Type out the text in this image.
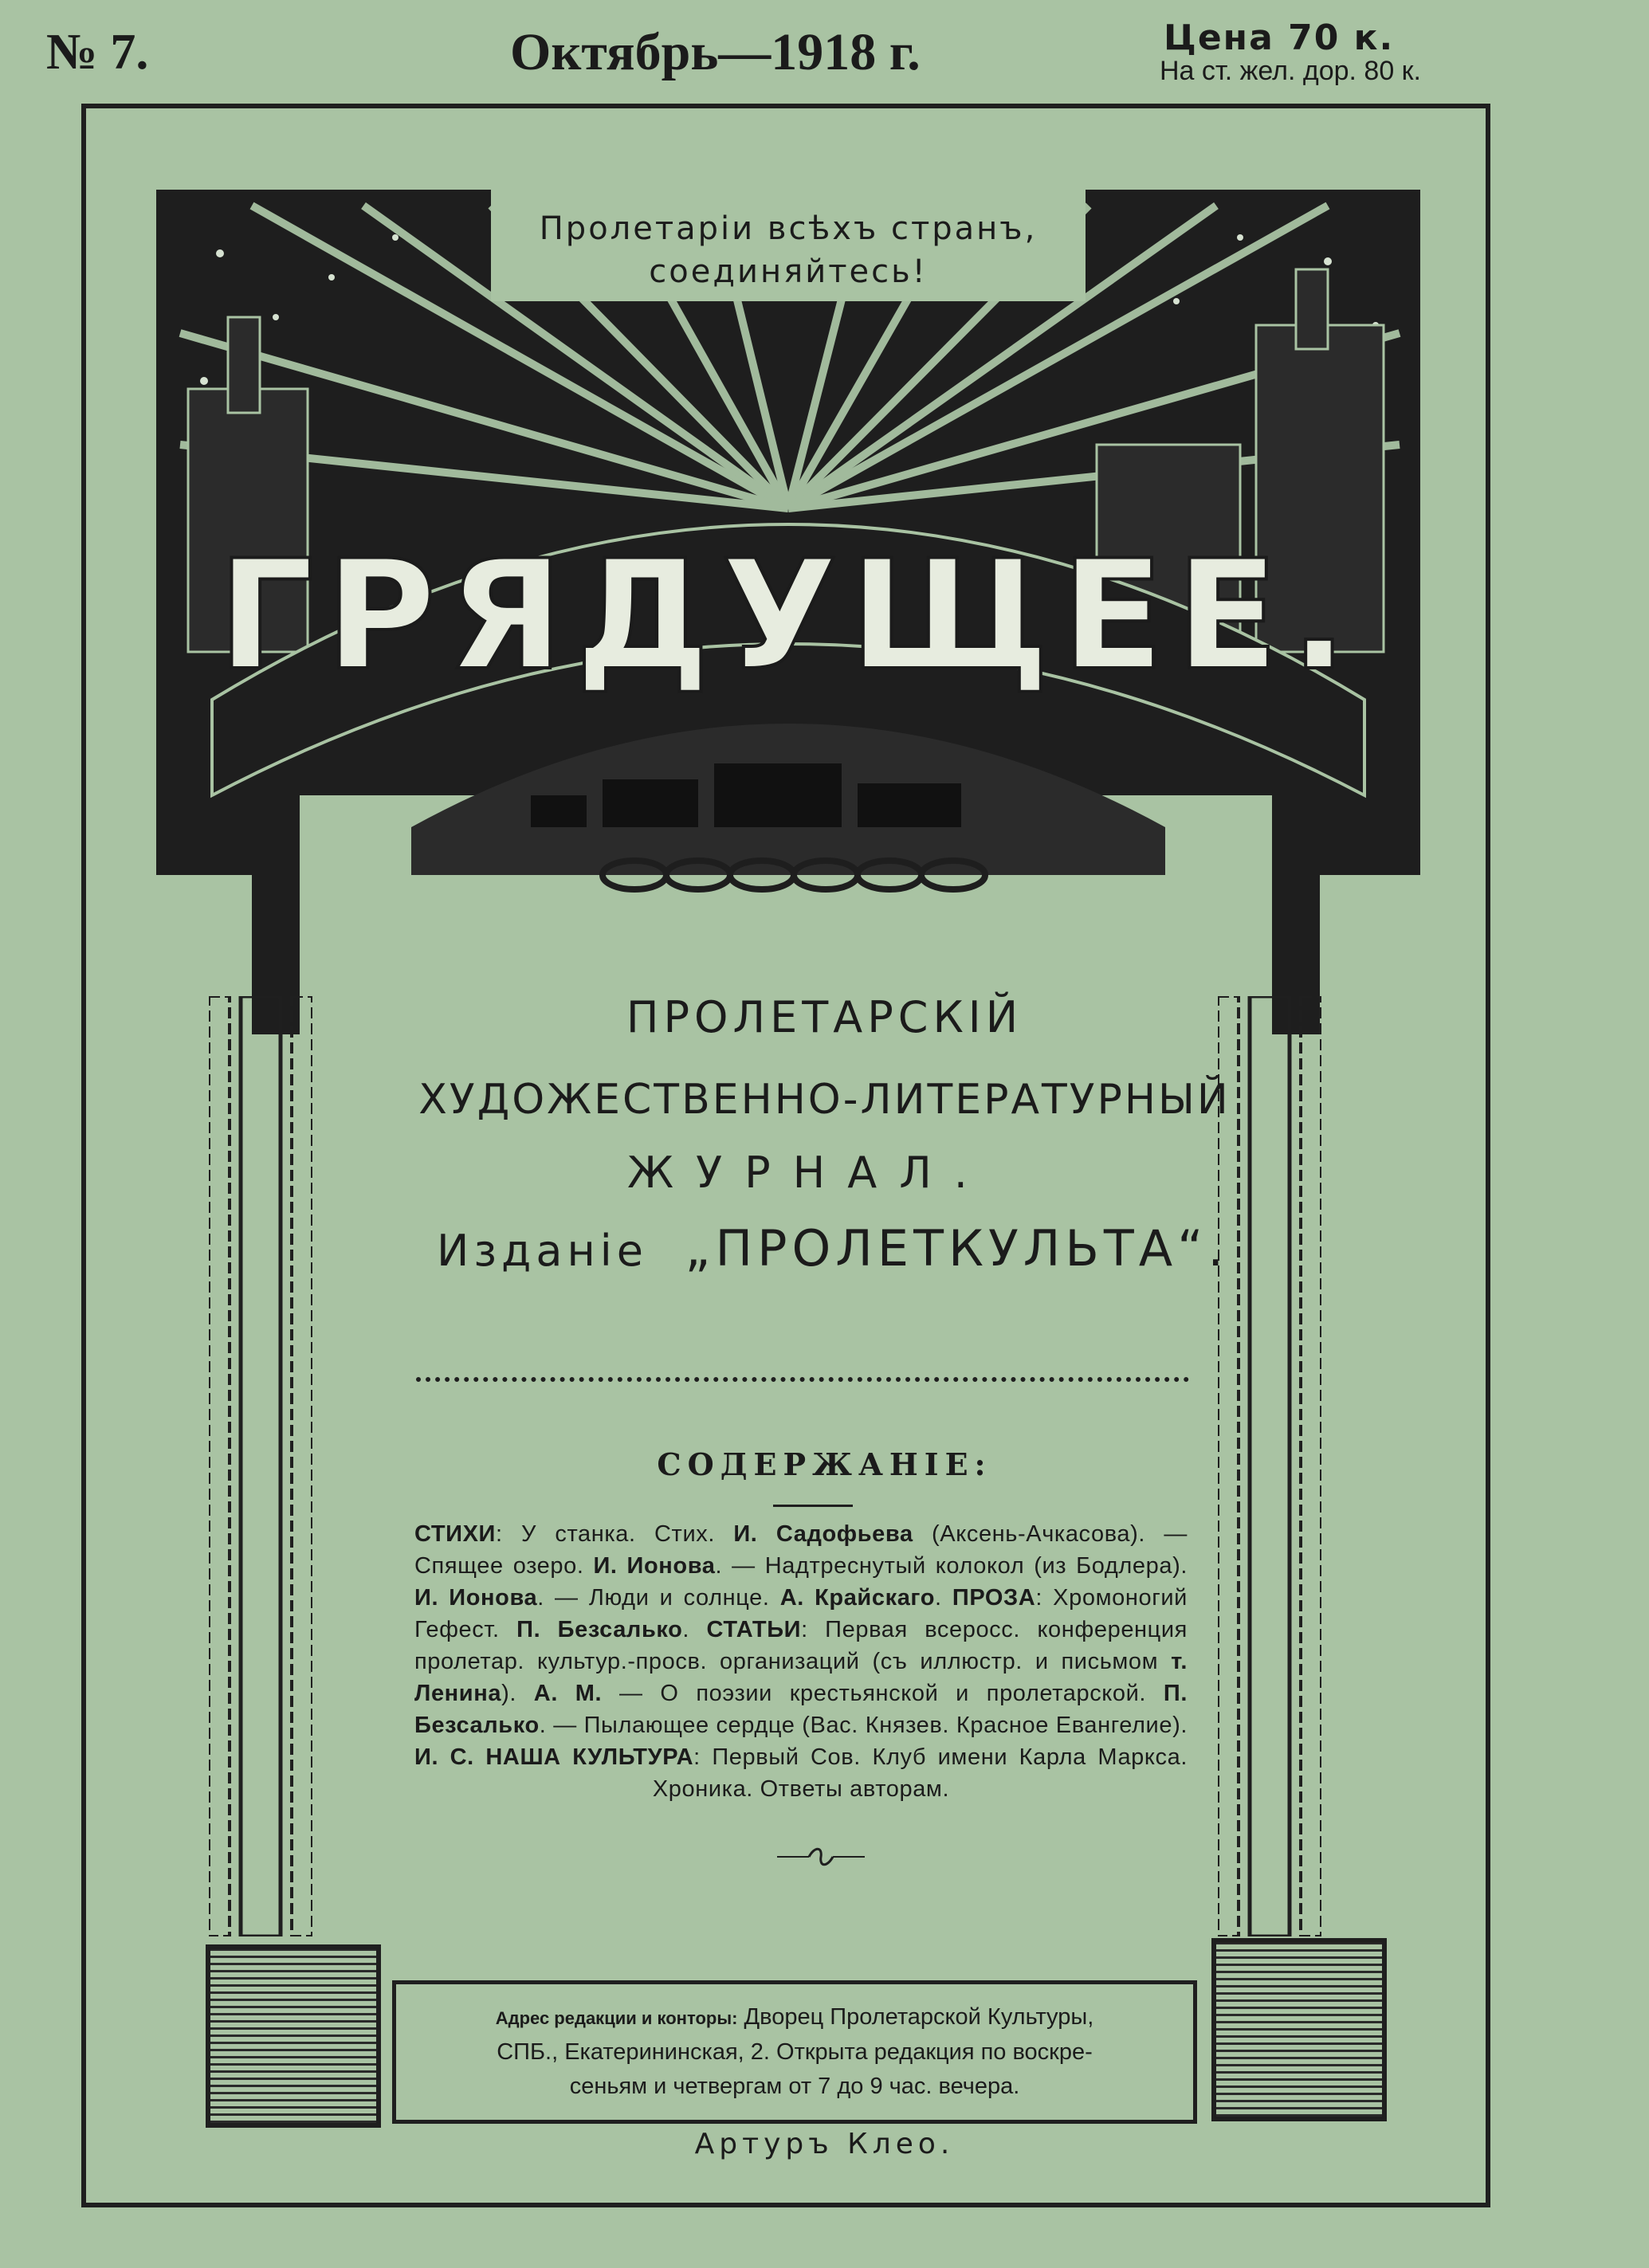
№ 7.	Октябрь—1918 г.	Цена 70 к.
На ст. жел. дор. 80 к.
Пролетарiи всѣхъ странъ,
соединяйтесь!
ГРЯДУЩЕЕ.
ПРОЛЕТАРСКIЙ
ХУДОЖЕСТВЕННО-ЛИТЕРАТУРНЫЙ
ЖУРНАЛ.
Изданiе „ПРОЛЕТКУЛЬТА“.
СОДЕРЖАНIЕ:
СТИХИ: У станка. Стих. И. Садофьева (Аксень-Ачкасова). — Спящее озеро. И. Ионова. — Надтреснутый колокол (из Бодлера). И. Ионова. — Люди и солнце. А. Крайскаго. ПРОЗА: Хромоногий Гефест. П. Безсалько. СТАТЬИ: Первая всеросс. конференция пролетар. культур.-просв. организаций (съ иллюстр. и письмом т. Ленина). А. М. — О поэзии крестьянской и пролетарской. П. Безсалько. — Пылающее сердце (Вас. Князев. Красное Евангелие). И. С. НАША КУЛЬТУРА: Первый Сов. Клуб имени Карла Маркса. Хроника. Ответы авторам.
Адрес редакции и конторы: Дворец Пролетарской Культуры,
СПБ., Екатерининская, 2. Открыта редакция по воскре-
сеньям и четвергам от 7 до 9 час. вечера.
Артуръ Клео.
